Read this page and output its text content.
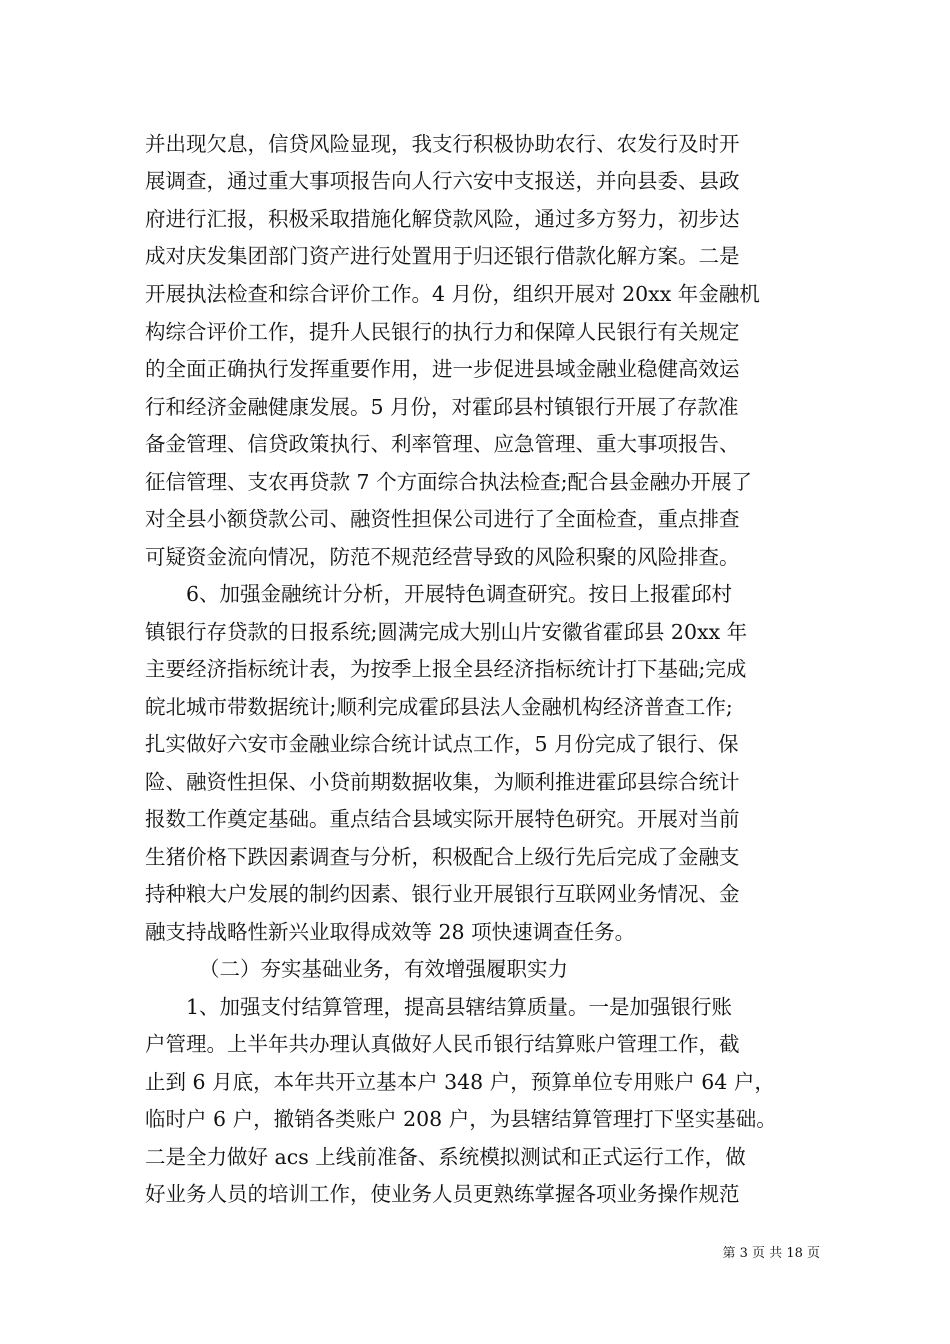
并出现欠息，信贷风险显现，我支行积极协助农行、农发行及时开
展调查，通过重大事项报告向人行六安中支报送，并向县委、县政
府进行汇报，积极采取措施化解贷款风险，通过多方努力，初步达
成对庆发集团部门资产进行处置用于归还银行借款化解方案。二是
开展执法检查和综合评价工作。4 月份，组织开展对 20xx 年金融机
构综合评价工作，提升人民银行的执行力和保障人民银行有关规定
的全面正确执行发挥重要作用，进一步促进县域金融业稳健高效运
行和经济金融健康发展。5 月份，对霍邱县村镇银行开展了存款准
备金管理、信贷政策执行、利率管理、应急管理、重大事项报告、
征信管理、支农再贷款 7 个方面综合执法检查;配合县金融办开展了
对全县小额贷款公司、融资性担保公司进行了全面检查，重点排查
可疑资金流向情况，防范不规范经营导致的风险积聚的风险排查。
6、加强金融统计分析，开展特色调查研究。按日上报霍邱村
镇银行存贷款的日报系统;圆满完成大别山片安徽省霍邱县 20xx 年
主要经济指标统计表，为按季上报全县经济指标统计打下基础;完成
皖北城市带数据统计;顺利完成霍邱县法人金融机构经济普查工作;
扎实做好六安市金融业综合统计试点工作，5 月份完成了银行、保
险、融资性担保、小贷前期数据收集，为顺利推进霍邱县综合统计
报数工作奠定基础。重点结合县域实际开展特色研究。开展对当前
生猪价格下跌因素调查与分析，积极配合上级行先后完成了金融支
持种粮大户发展的制约因素、银行业开展银行互联网业务情况、金
融支持战略性新兴业取得成效等 28 项快速调查任务。
（二）夯实基础业务，有效增强履职实力
1、加强支付结算管理，提高县辖结算质量。一是加强银行账
户管理。上半年共办理认真做好人民币银行结算账户管理工作，截
止到 6 月底，本年共开立基本户 348 户，预算单位专用账户 64 户，
临时户 6 户，撤销各类账户 208 户，为县辖结算管理打下坚实基础。
二是全力做好 acs 上线前准备、系统模拟测试和正式运行工作，做
好业务人员的培训工作，使业务人员更熟练掌握各项业务操作规范
第 3 页 共 18 页
